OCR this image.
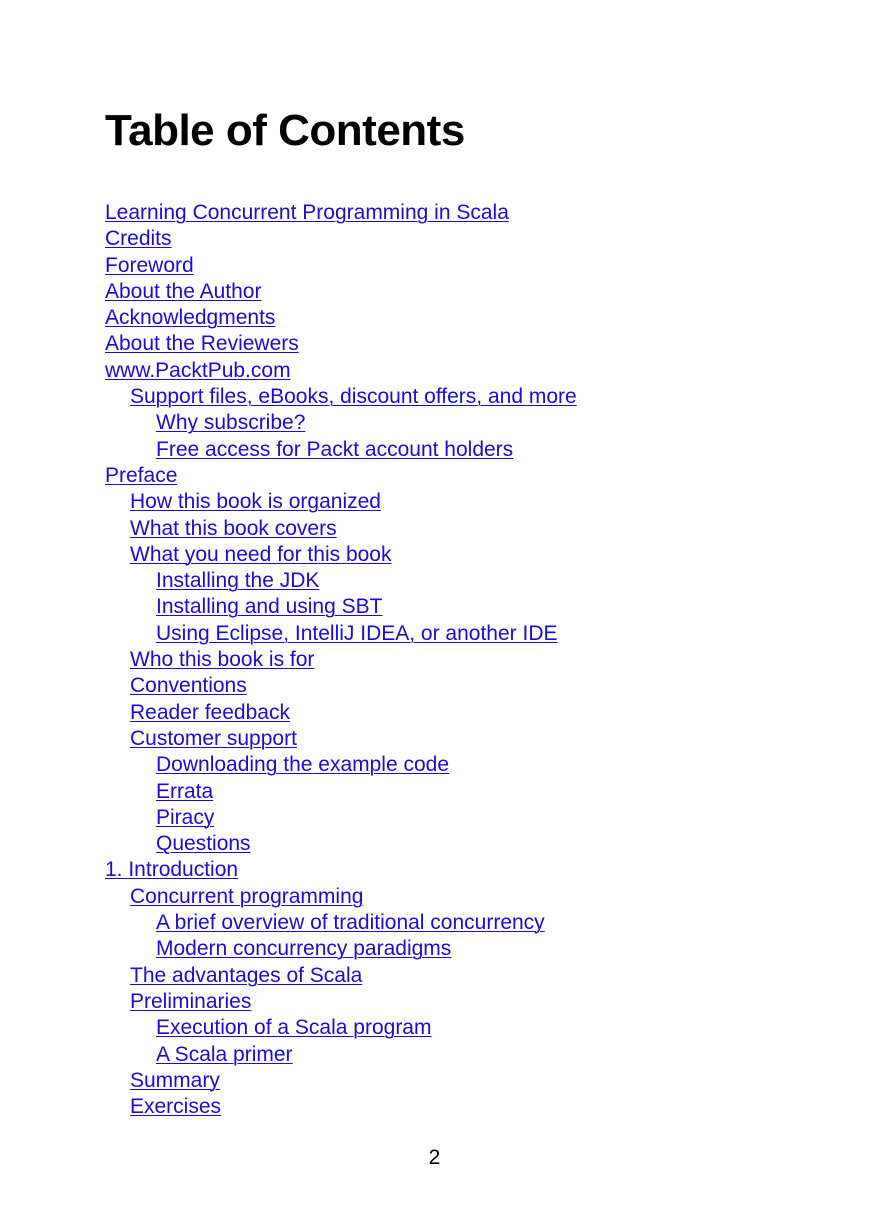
Table of Contents
Learning Concurrent Programming in Scala
Credits
Foreword
About the Author
Acknowledgments
About the Reviewers
www.PacktPub.com
Support files, eBooks, discount offers, and more
Why subscribe?
Free access for Packt account holders
Preface
How this book is organized
What this book covers
What you need for this book
Installing the JDK
Installing and using SBT
Using Eclipse, IntelliJ IDEA, or another IDE
Who this book is for
Conventions
Reader feedback
Customer support
Downloading the example code
Errata
Piracy
Questions
1. Introduction
Concurrent programming
A brief overview of traditional concurrency
Modern concurrency paradigms
The advantages of Scala
Preliminaries
Execution of a Scala program
A Scala primer
Summary
Exercises
2
